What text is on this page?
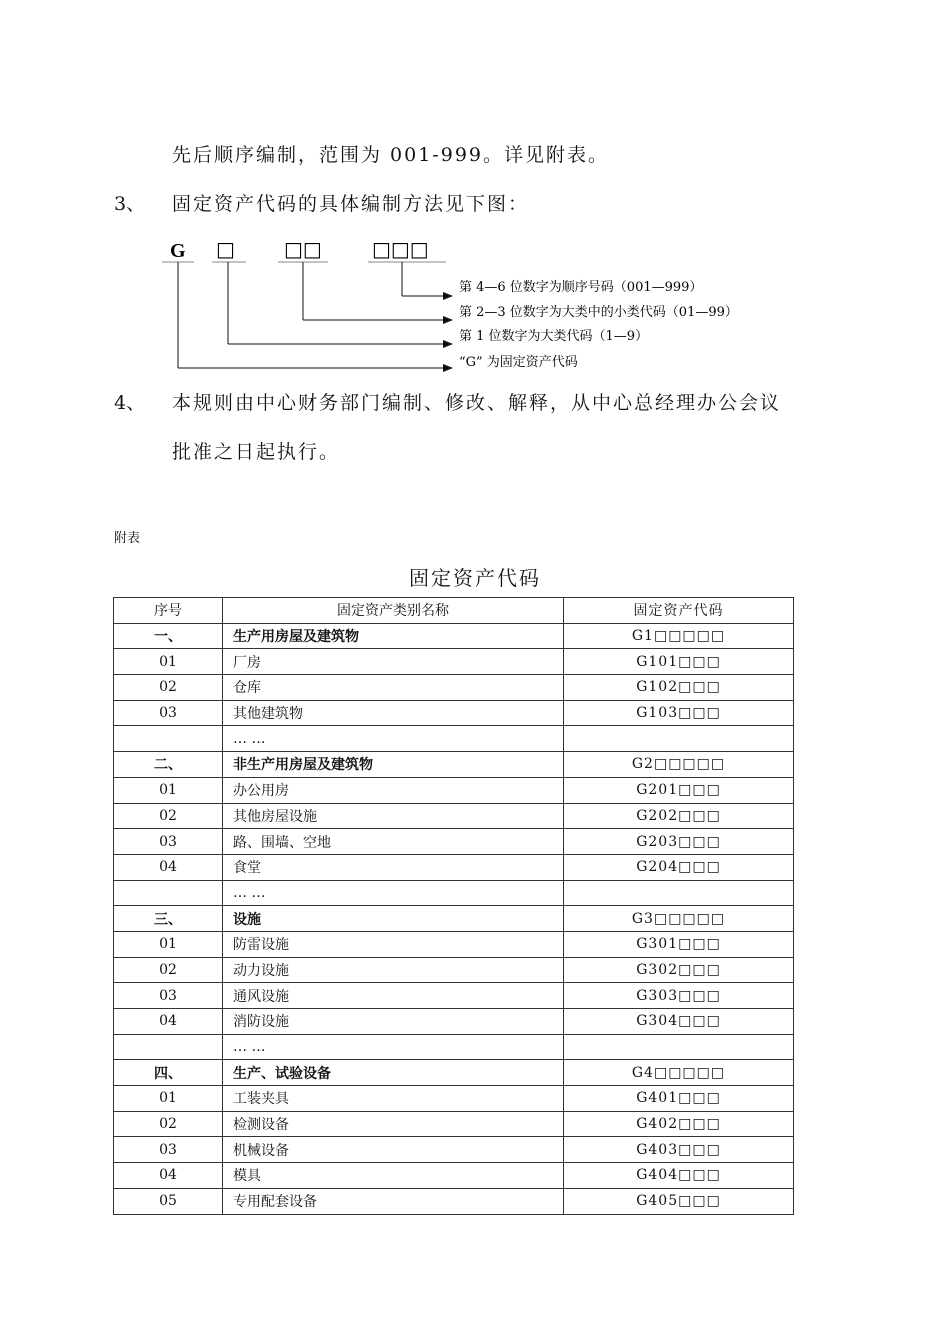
先后顺序编制，范围为 001-999。详见附表。
3、 固定资产代码的具体编制方法见下图：
G □ □□	□□□
第 4—6 位数字为顺序号码（001—999）
第 2—3 位数字为大类中的小类代码（01—99）
第 1 位数字为大类代码（1—9）
“G” 为固定资产代码
4、 本规则由中心财务部门编制、修改、解释，从中心总经理办公会议
批准之日起执行。
附表
固定资产代码
序号	固定资产类别名称	固定资产代码
一、	生产用房屋及建筑物	G1□□□□□
01	厂房	G101□□□
02	仓库	G102□□□
03	其他建筑物	G103□□□
	… …	
二、	非生产用房屋及建筑物	G2□□□□□
01	办公用房	G201□□□
02	其他房屋设施	G202□□□
03	路、围墙、空地	G203□□□
04	食堂	G204□□□
	… …	
三、	设施	G3□□□□□
01	防雷设施	G301□□□
02	动力设施	G302□□□
03	通风设施	G303□□□
04	消防设施	G304□□□
	… …	
四、	生产、试验设备	G4□□□□□
01	工装夹具	G401□□□
02	检测设备	G402□□□
03	机械设备	G403□□□
04	模具	G404□□□
05	专用配套设备	G405□□□
